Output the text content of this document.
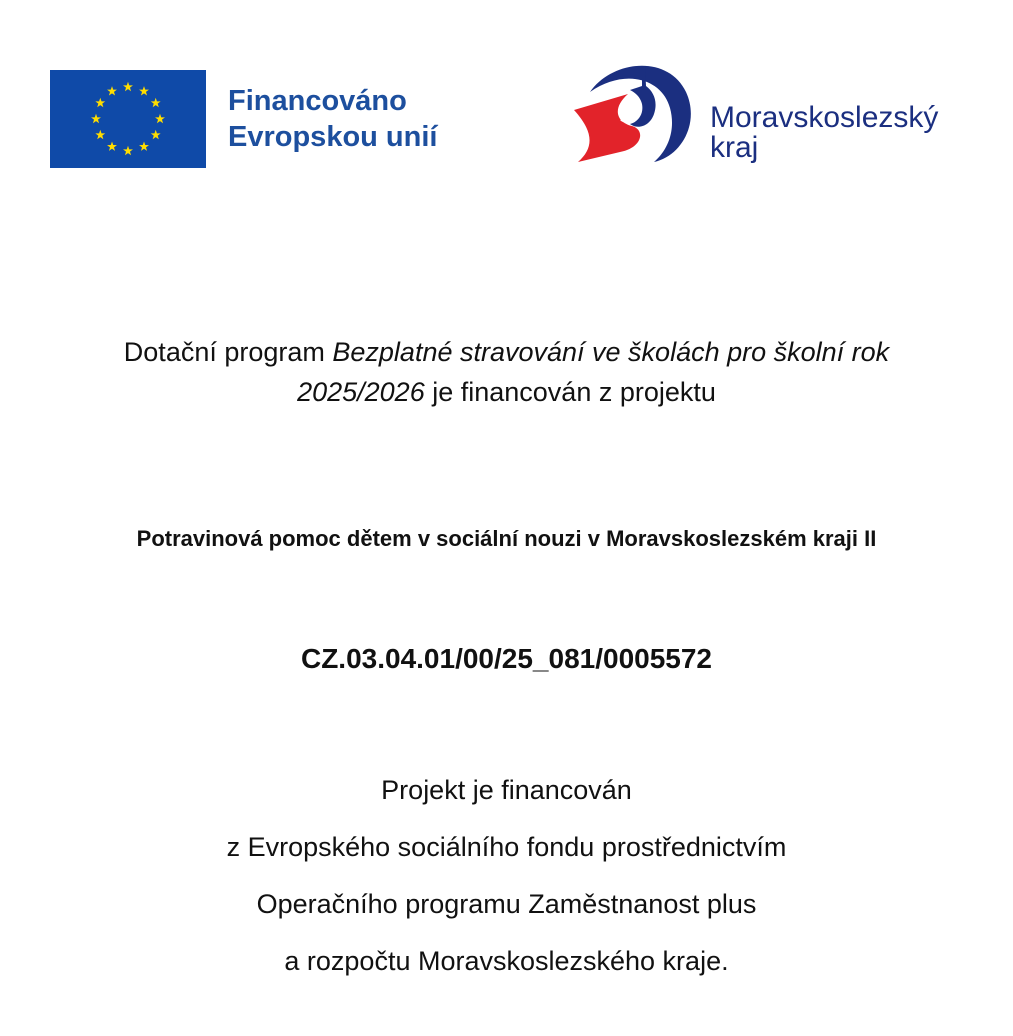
Financováno
Evropskou unií
Moravskoslezský
kraj
Dotační program Bezplatné stravování ve školách pro školní rok
2025/2026 je financován z projektu
Potravinová pomoc dětem v sociální nouzi v Moravskoslezském kraji II
CZ.03.04.01/00/25_081/0005572
Projekt je financován
z Evropského sociálního fondu prostřednictvím
Operačního programu Zaměstnanost plus
a rozpočtu Moravskoslezského kraje.
